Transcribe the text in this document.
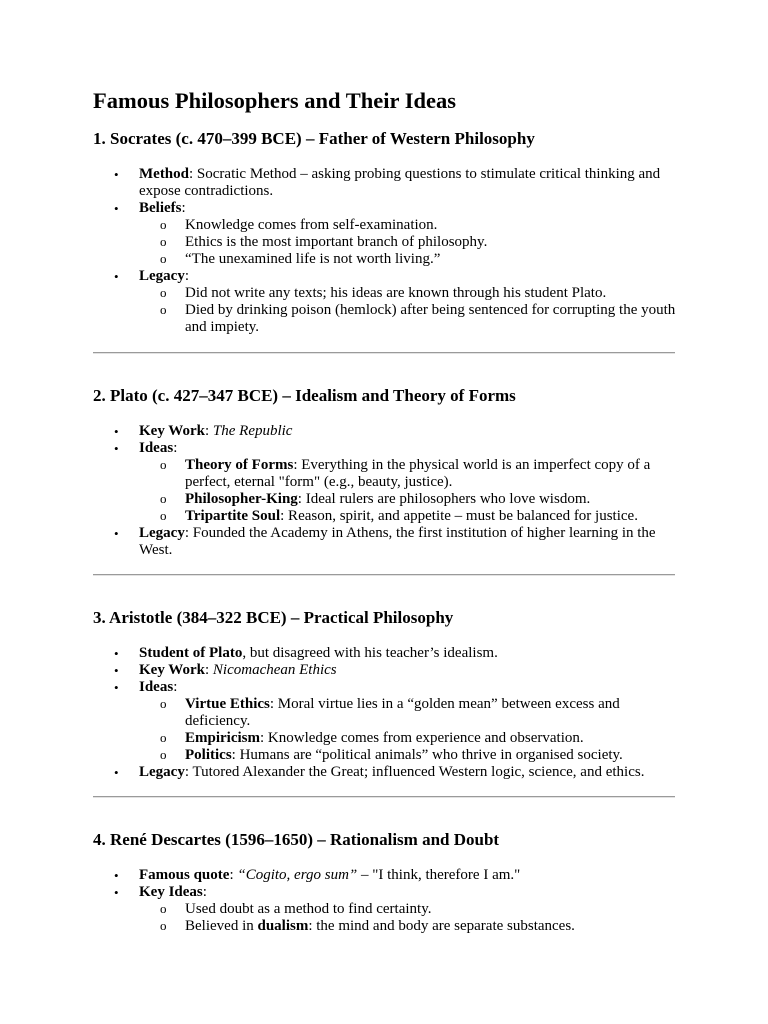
Famous Philosophers and Their Ideas
1. Socrates (c. 470–399 BCE) – Father of Western Philosophy
• Method: Socratic Method – asking probing questions to stimulate critical thinking and expose contradictions.
• Beliefs:
o Knowledge comes from self-examination.
o Ethics is the most important branch of philosophy.
o “The unexamined life is not worth living.”
• Legacy:
o Did not write any texts; his ideas are known through his student Plato.
o Died by drinking poison (hemlock) after being sentenced for corrupting the youth and impiety.
2. Plato (c. 427–347 BCE) – Idealism and Theory of Forms
• Key Work: The Republic
• Ideas:
o Theory of Forms: Everything in the physical world is an imperfect copy of a perfect, eternal "form" (e.g., beauty, justice).
o Philosopher-King: Ideal rulers are philosophers who love wisdom.
o Tripartite Soul: Reason, spirit, and appetite – must be balanced for justice.
• Legacy: Founded the Academy in Athens, the first institution of higher learning in the West.
3. Aristotle (384–322 BCE) – Practical Philosophy
• Student of Plato, but disagreed with his teacher’s idealism.
• Key Work: Nicomachean Ethics
• Ideas:
o Virtue Ethics: Moral virtue lies in a “golden mean” between excess and deficiency.
o Empiricism: Knowledge comes from experience and observation.
o Politics: Humans are “political animals” who thrive in organised society.
• Legacy: Tutored Alexander the Great; influenced Western logic, science, and ethics.
4. René Descartes (1596–1650) – Rationalism and Doubt
• Famous quote: “Cogito, ergo sum” – "I think, therefore I am."
• Key Ideas:
o Used doubt as a method to find certainty.
o Believed in dualism: the mind and body are separate substances.
